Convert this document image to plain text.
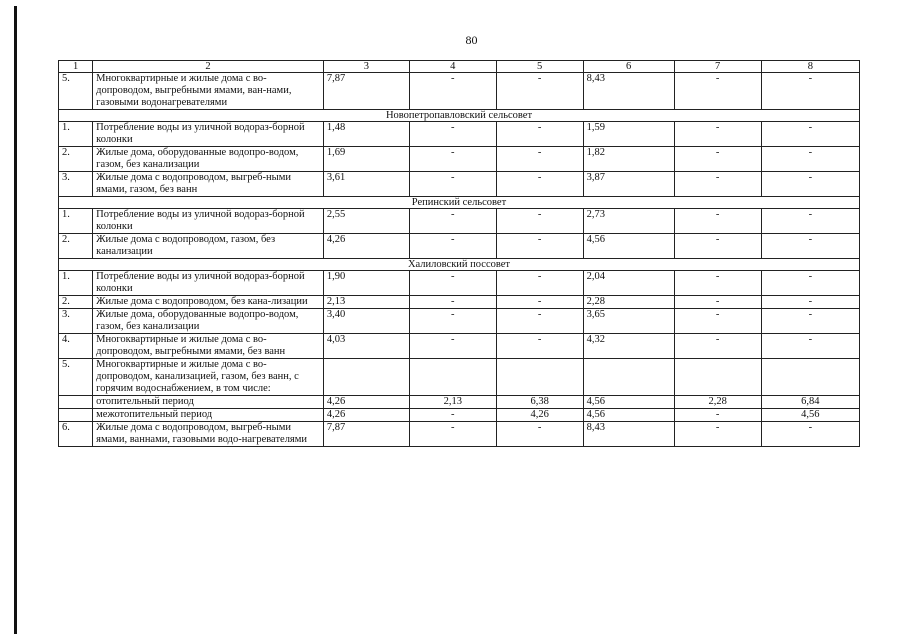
80
1	2	3	4	5	6	7	8
5.	Многоквартирные и жилые дома с во-допроводом, выгребными ямами, ван-нами, газовыми водонагревателями	7,87	-	-	8,43	-	-
Новопетропавловский сельсовет							
1.	Потребление воды из уличной водораз-борной колонки	1,48	-	-	1,59	-	-
2.	Жилые дома, оборудованные водопро-водом, газом, без канализации	1,69	-	-	1,82	-	-
3.	Жилые дома с водопроводом, выгреб-ными ямами, газом, без ванн	3,61	-	-	3,87	-	-
Репинский сельсовет							
1.	Потребление воды из уличной водораз-борной колонки	2,55	-	-	2,73	-	-
2.	Жилые дома с водопроводом, газом, без канализации	4,26	-	-	4,56	-	-
Халиловский поссовет							
1.	Потребление воды из уличной водораз-борной колонки	1,90	-	-	2,04	-	-
2.	Жилые дома с водопроводом, без кана-лизации	2,13	-	-	2,28	-	-
3.	Жилые дома, оборудованные водопро-водом, газом, без канализации	3,40	-	-	3,65	-	-
4.	Многоквартирные и жилые дома с во-допроводом, выгребными ямами, без ванн	4,03	-	-	4,32	-	-
5.	Многоквартирные и жилые дома с во-допроводом, канализацией, газом, без ванн, с горячим водоснабжением, в том числе:						
	отопительный период	4,26	2,13	6,38	4,56	2,28	6,84
	межотопительный период	4,26	-	4,26	4,56	-	4,56
6.	Жилые дома с водопроводом, выгреб-ными ямами, ваннами, газовыми водо-нагревателями	7,87	-	-	8,43	-	-
